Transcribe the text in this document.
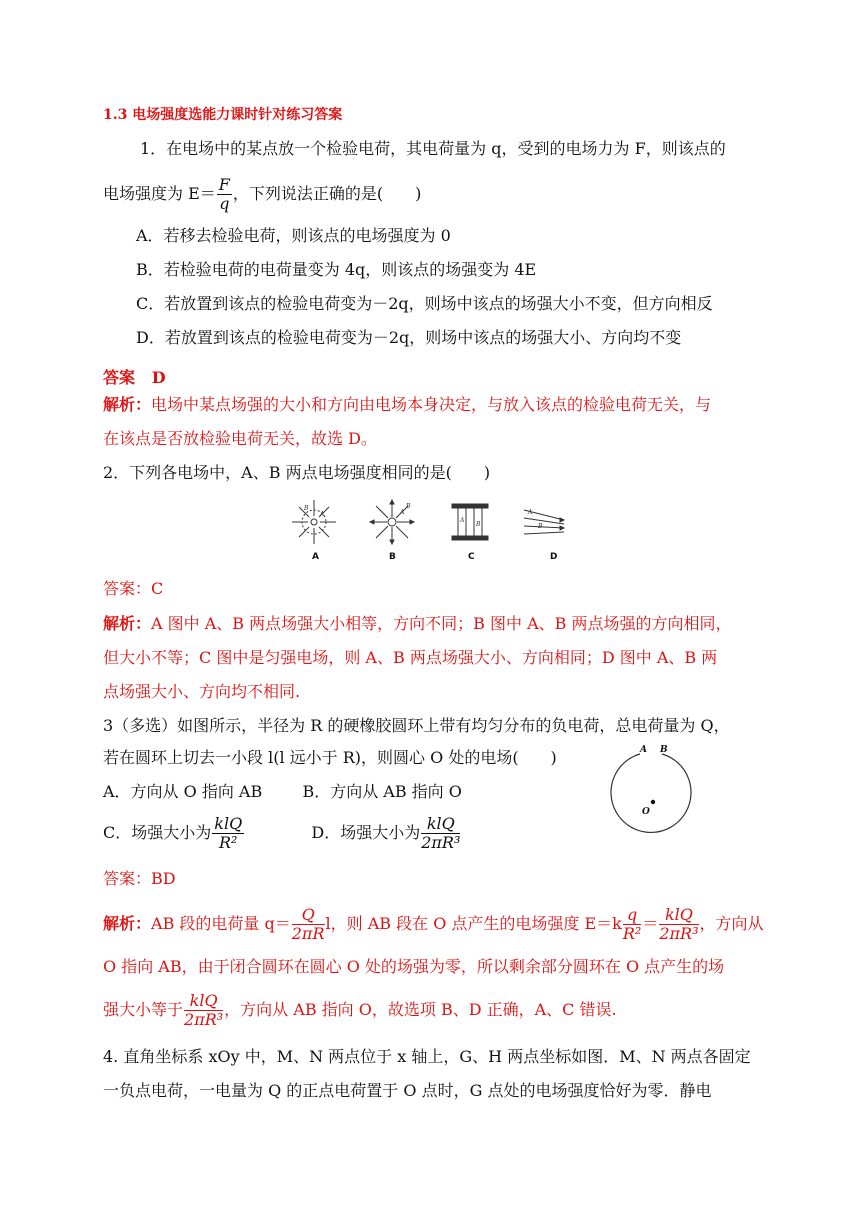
1.3 电场强度选能力课时针对练习答案
1．在电场中的某点放一个检验电荷，其电荷量为 q，受到的电场力为 F，则该点的
电场强度为 $E= \frac{F}{q}$ ，下列说法正确的是(　　)
A．若移去检验电荷，则该点的电场强度为 0
B．若检验电荷的电荷量变为 4q，则该点的场强变为 4E
C．若放置到该点的检验电荷变为－2q，则场中该点的场强大小不变，但方向相反
D．若放置到该点的检验电荷变为－2q，则场中该点的场强大小、方向均不变
答案 D
解析：电场中某点场强的大小和方向由电场本身决定，与放入该点的检验电荷无关，与
在该点是否放检验电荷无关，故选 D。
2．下列各电场中，A、B 两点电场强度相同的是(　　)
B
A	A
B
A
B
A
B
A	B	C	D
答案：C
解析：A 图中 A、B 两点场强大小相等，方向不同；B 图中 A、B 两点场强的方向相同，
但大小不等；C 图中是匀强电场，则 A、B 两点场强大小、方向相同；D 图中 A、B 两
点场强大小、方向均不相同.
3（多选）如图所示，半径为 R 的硬橡胶圆环上带有均匀分布的负电荷，总电荷量为 Q，
若在圆环上切去一小段 l(l 远小于 R)，则圆心 O 处的电场(　　)
A．方向从 O 指向 AB	B．方向从 AB 指向 O
C．场强大小为 $\frac{\text{klQ}}{\text{R²}}$	D．场强大小为 $\frac{\text{klQ}}{\text{2πR³}}$
A B
O
答案：BD
解析：AB 段的电荷量 $q= \frac{Q}{2\pi R}$ l，则 AB 段在 O 点产生的电场强度 $E=k \frac{q}{\text{R²}} = \frac{\text{klQ}}{\text{2πR³}}$ ，方向从
O 指向 AB，由于闭合圆环在圆心 O 处的场强为零，所以剩余部分圆环在 O 点产生的场
强大小等于 $\frac{\text{klQ}}{\text{2πR³}}$ ，方向从 AB 指向 O，故选项 B、D 正确，A、C 错误.
4. 直角坐标系 xOy 中，M、N 两点位于 x 轴上，G、H 两点坐标如图．M、N 两点各固定
一负点电荷，一电量为 Q 的正点电荷置于 O 点时，G 点处的电场强度恰好为零．静电
